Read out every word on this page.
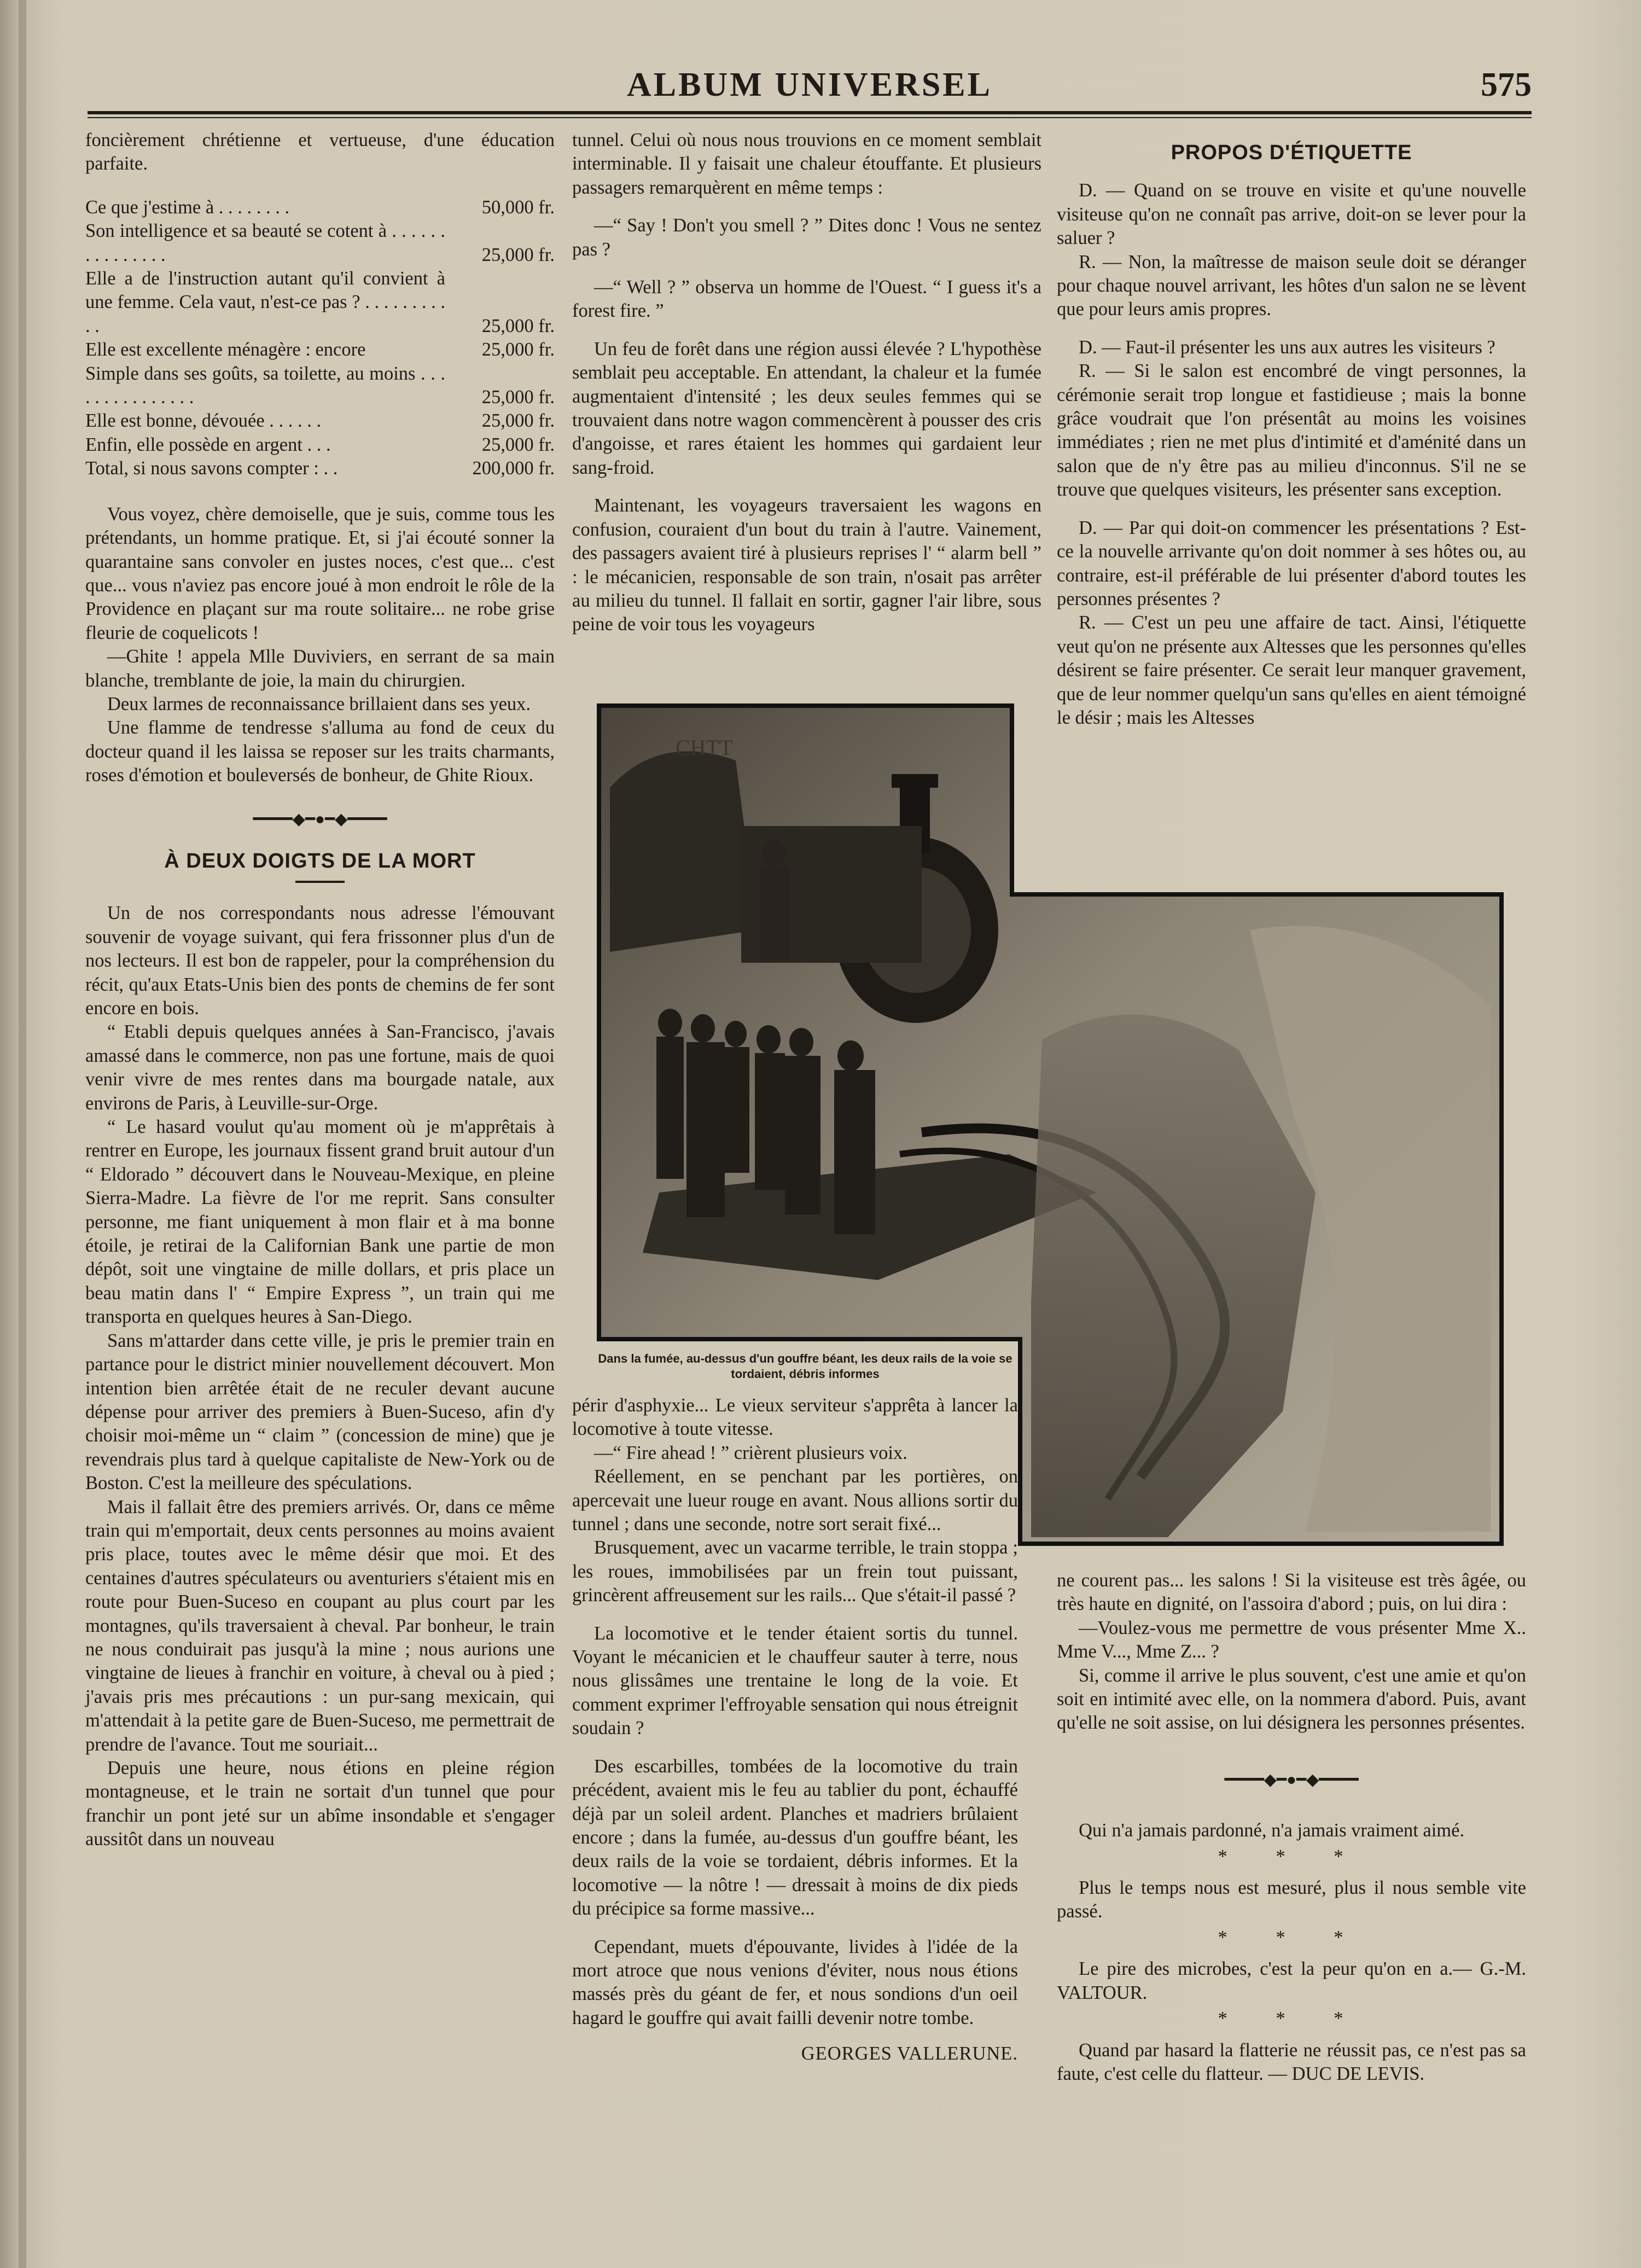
ALBUM UNIVERSEL	575

foncièrement chrétienne et vertueuse, d'une éducation parfaite.

Ce que j'estime à . . . . . . . .	50,000 fr.
Son intelligence et sa beauté se cotent à . . . . . . . . . . . . . . .	25,000 fr.
Elle a de l'instruction autant qu'il convient à une femme. Cela vaut, n'est-ce pas ? . . . . . . . . . . .	25,000 fr.
Elle est excellente ménagère : encore	25,000 fr.
Simple dans ses goûts, sa toilette, au moins . . . . . . . . . . . . . . .	25,000 fr.
Elle est bonne, dévouée . . . . . .	25,000 fr.
Enfin, elle possède en argent . . .	25,000 fr.
Total, si nous savons compter : . .	200,000 fr.

Vous voyez, chère demoiselle, que je suis, comme tous les prétendants, un homme pratique. Et, si j'ai écouté sonner la quarantaine sans convoler en justes noces, c'est que... c'est que... vous n'aviez pas encore joué à mon endroit le rôle de la Providence en plaçant sur ma route solitaire... ne robe grise fleurie de coquelicots !

—Ghite ! appela Mlle Duviviers, en serrant de sa main blanche, tremblante de joie, la main du chirurgien.

Deux larmes de reconnaissance brillaient dans ses yeux.

Une flamme de tendresse s'alluma au fond de ceux du docteur quand il les laissa se reposer sur les traits charmants, roses d'émotion et bouleversés de bonheur, de Ghite Rioux.

━━━━◆━●━◆━━━━
À DEUX DOIGTS DE LA MORT

Un de nos correspondants nous adresse l'émouvant souvenir de voyage suivant, qui fera frissonner plus d'un de nos lecteurs. Il est bon de rappeler, pour la compréhension du récit, qu'aux Etats-Unis bien des ponts de chemins de fer sont encore en bois.

“ Etabli depuis quelques années à San-Francisco, j'avais amassé dans le commerce, non pas une fortune, mais de quoi venir vivre de mes rentes dans ma bourgade natale, aux environs de Paris, à Leuville-sur-Orge.

“ Le hasard voulut qu'au moment où je m'apprêtais à rentrer en Europe, les journaux fissent grand bruit autour d'un “ Eldorado ” découvert dans le Nouveau-Mexique, en pleine Sierra-Madre. La fièvre de l'or me reprit. Sans consulter personne, me fiant uniquement à mon flair et à ma bonne étoile, je retirai de la Californian Bank une partie de mon dépôt, soit une vingtaine de mille dollars, et pris place un beau matin dans l' “ Empire Express ”, un train qui me transporta en quelques heures à San-Diego.

Sans m'attarder dans cette ville, je pris le premier train en partance pour le district minier nouvellement découvert. Mon intention bien arrêtée était de ne reculer devant aucune dépense pour arriver des premiers à Buen-Suceso, afin d'y choisir moi-même un “ claim ” (concession de mine) que je revendrais plus tard à quelque capitaliste de New-York ou de Boston. C'est la meilleure des spéculations.

Mais il fallait être des premiers arrivés. Or, dans ce même train qui m'emportait, deux cents personnes au moins avaient pris place, toutes avec le même désir que moi. Et des centaines d'autres spéculateurs ou aventuriers s'étaient mis en route pour Buen-Suceso en coupant au plus court par les montagnes, qu'ils traversaient à cheval. Par bonheur, le train ne nous conduirait pas jusqu'à la mine ; nous aurions une vingtaine de lieues à franchir en voiture, à cheval ou à pied ; j'avais pris mes précautions : un pur-sang mexicain, qui m'attendait à la petite gare de Buen-Suceso, me permettrait de prendre de l'avance. Tout me souriait...

Depuis une heure, nous étions en pleine région montagneuse, et le train ne sortait d'un tunnel que pour franchir un pont jeté sur un abîme insondable et s'engager aussitôt dans un nouveau

tunnel. Celui où nous nous trouvions en ce moment semblait interminable. Il y faisait une chaleur étouffante. Et plusieurs passagers remarquèrent en même temps :

—“ Say ! Don't you smell ? ” Dites donc ! Vous ne sentez pas ?

—“ Well ? ” observa un homme de l'Ouest. “ I guess it's a forest fire. ”

Un feu de forêt dans une région aussi élevée ? L'hypothèse semblait peu acceptable. En attendant, la chaleur et la fumée augmentaient d'intensité ; les deux seules femmes qui se trouvaient dans notre wagon commencèrent à pousser des cris d'angoisse, et rares étaient les hommes qui gardaient leur sang-froid.

Maintenant, les voyageurs traversaient les wagons en confusion, couraient d'un bout du train à l'autre. Vainement, des passagers avaient tiré à plusieurs reprises l' “ alarm bell ” : le mécanicien, responsable de son train, n'osait pas arrêter au milieu du tunnel. Il fallait en sortir, gagner l'air libre, sous peine de voir tous les voyageurs

PROPOS D'ÉTIQUETTE

D. — Quand on se trouve en visite et qu'une nouvelle visiteuse qu'on ne connaît pas arrive, doit-on se lever pour la saluer ?

R. — Non, la maîtresse de maison seule doit se déranger pour chaque nouvel arrivant, les hôtes d'un salon ne se lèvent que pour leurs amis propres.

D. — Faut-il présenter les uns aux autres les visiteurs ?

R. — Si le salon est encombré de vingt personnes, la cérémonie serait trop longue et fastidieuse ; mais la bonne grâce voudrait que l'on présentât au moins les voisines immédiates ; rien ne met plus d'intimité et d'aménité dans un salon que de n'y être pas au milieu d'inconnus. S'il ne se trouve que quelques visiteurs, les présenter sans exception.

D. — Par qui doit-on commencer les présentations ? Est-ce la nouvelle arrivante qu'on doit nommer à ses hôtes ou, au contraire, est-il préférable de lui présenter d'abord toutes les personnes présentes ?

R. — C'est un peu une affaire de tact. Ainsi, l'étiquette veut qu'on ne présente aux Altesses que les personnes qu'elles désirent se faire présenter. Ce serait leur manquer gravement, que de leur nommer quelqu'un sans qu'elles en aient témoigné le désir ; mais les Altesses

CHTT
Dans la fumée, au-dessus d'un gouffre béant, les deux rails de la voie se tordaient, débris informes

périr d'asphyxie... Le vieux serviteur s'apprêta à lancer la locomotive à toute vitesse.

—“ Fire ahead ! ” crièrent plusieurs voix.

Réellement, en se penchant par les portières, on apercevait une lueur rouge en avant. Nous allions sortir du tunnel ; dans une seconde, notre sort serait fixé...

Brusquement, avec un vacarme terrible, le train stoppa ; les roues, immobilisées par un frein tout puissant, grincèrent affreusement sur les rails... Que s'était-il passé ?

La locomotive et le tender étaient sortis du tunnel. Voyant le mécanicien et le chauffeur sauter à terre, nous nous glissâmes une trentaine le long de la voie. Et comment exprimer l'effroyable sensation qui nous étreignit soudain ?

Des escarbilles, tombées de la locomotive du train précédent, avaient mis le feu au tablier du pont, échauffé déjà par un soleil ardent. Planches et madriers brûlaient encore ; dans la fumée, au-dessus d'un gouffre béant, les deux rails de la voie se tordaient, débris informes. Et la locomotive — la nôtre ! — dressait à moins de dix pieds du précipice sa forme massive...

Cependant, muets d'épouvante, livides à l'idée de la mort atroce que nous venions d'éviter, nous nous étions massés près du géant de fer, et nous sondions d'un oeil hagard le gouffre qui avait failli devenir notre tombe.

GEORGES VALLERUNE.

ne courent pas... les salons ! Si la visiteuse est très âgée, ou très haute en dignité, on l'assoira d'abord ; puis, on lui dira :

—Voulez-vous me permettre de vous présenter Mme X.. Mme V..., Mme Z... ?

Si, comme il arrive le plus souvent, c'est une amie et qu'on soit en intimité avec elle, on la nommera d'abord. Puis, avant qu'elle ne soit assise, on lui désignera les personnes présentes.

━━━━◆━●━◆━━━━

Qui n'a jamais pardonné, n'a jamais vraiment aimé.

* * *

Plus le temps nous est mesuré, plus il nous semble vite passé.

* * *

Le pire des microbes, c'est la peur qu'on en a.— G.-M. VALTOUR.

* * *

Quand par hasard la flatterie ne réussit pas, ce n'est pas sa faute, c'est celle du flatteur. — DUC DE LEVIS.
